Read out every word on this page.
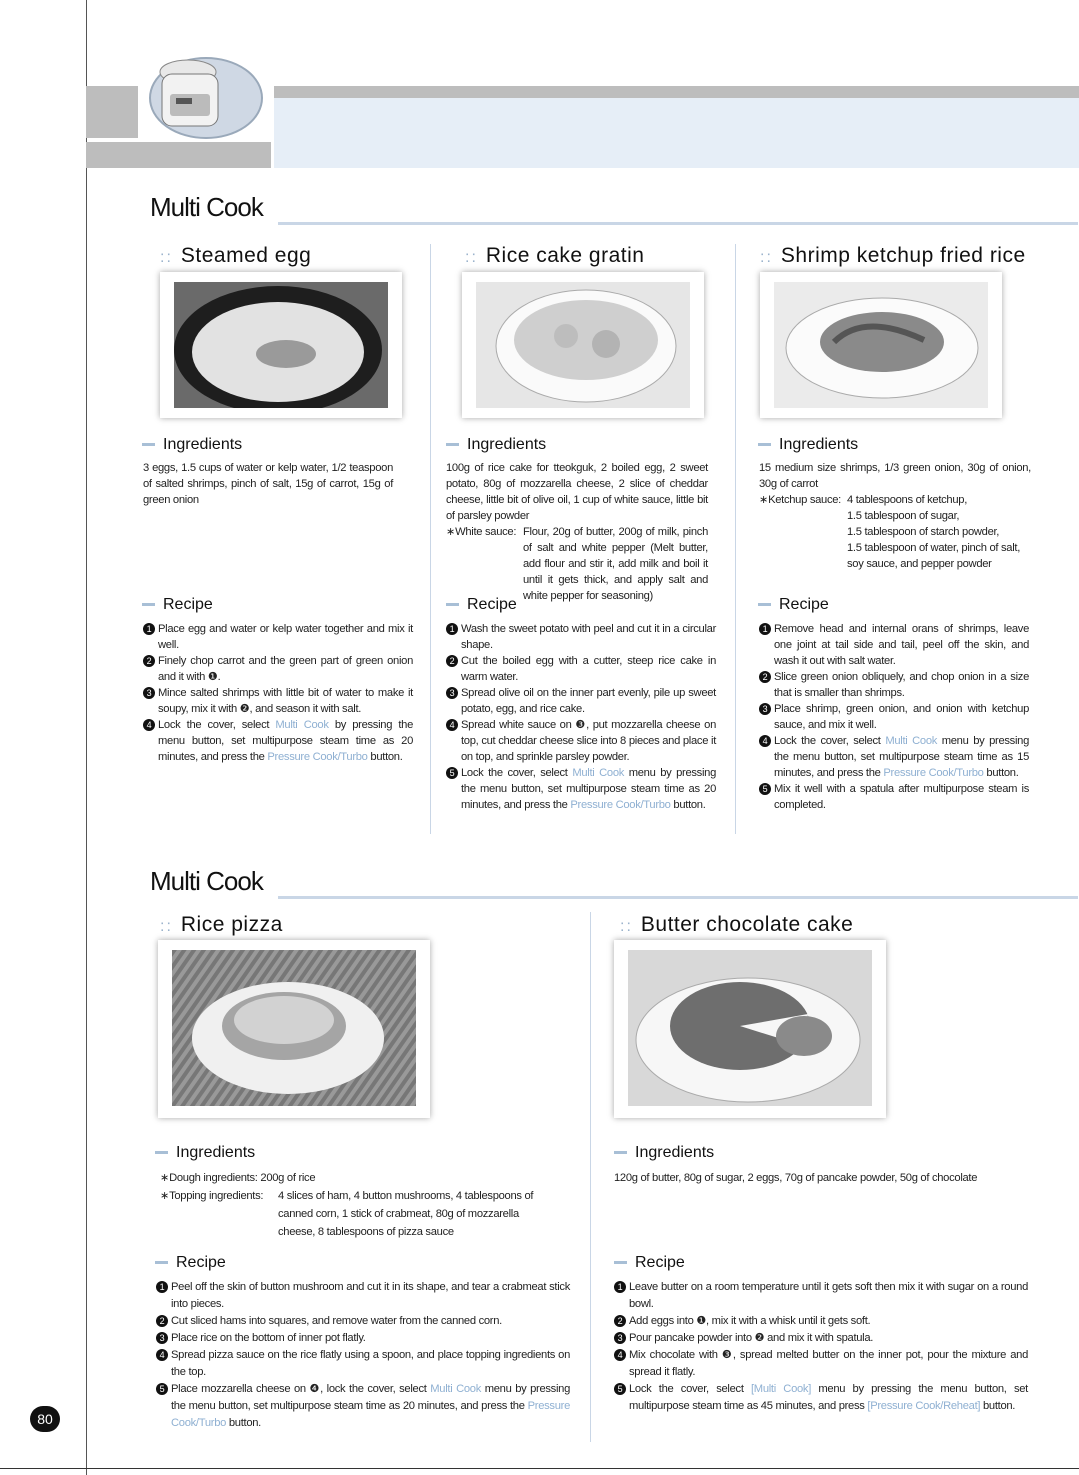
Multi Cook
:: Steamed egg
Ingredients

3 eggs, 1.5 cups of water or kelp water, 1/2 teaspoon of salted shrimps, pinch of salt, 15g of carrot, 15g of green onion

Recipe
1 Place egg and water or kelp water together and mix it well.
2 Finely chop carrot and the green part of green onion and it with ❶.
3 Mince salted shrimps with little bit of water to make it soupy, mix it with ❷, and season it with salt.
4 Lock the cover, select Multi Cook by pressing the menu button, set multipurpose steam time as 20 minutes, and press the Pressure Cook/Turbo button.
:: Rice cake gratin
Ingredients

100g of rice cake for tteokguk, 2 boiled egg, 2 sweet potato, 80g of mozzarella cheese, 2 slice of cheddar cheese, little bit of olive oil, 1 cup of white sauce, little bit of parsley powder

∗White sauce: Flour, 20g of butter, 200g of milk, pinch of salt and white pepper (Melt butter, add flour and stir it, add milk and boil it until it gets thick, and apply salt and white pepper for seasoning)
Recipe
1 Wash the sweet potato with peel and cut it in a circular shape.
2 Cut the boiled egg with a cutter, steep rice cake in warm water.
3 Spread olive oil on the inner part evenly, pile up sweet potato, egg, and rice cake.
4 Spread white sauce on ❸, put mozzarella cheese on top, cut cheddar cheese slice into 8 pieces and place it on top, and sprinkle parsley powder.
5 Lock the cover, select Multi Cook menu by pressing the menu button, set multipurpose steam time as 20 minutes, and press the Pressure Cook/Turbo button.
:: Shrimp ketchup fried rice
Ingredients

15 medium size shrimps, 1/3 green onion, 30g of onion, 30g of carrot

∗Ketchup sauce: 4 tablespoons of ketchup,
1.5 tablespoon of sugar,
1.5 tablespoon of starch powder,
1.5 tablespoon of water, pinch of salt,
soy sauce, and pepper powder
Recipe
1 Remove head and internal orans of shrimps, leave one joint at tail side and tail, peel off the skin, and wash it out with salt water.
2 Slice green onion obliquely, and chop onion in a size that is smaller than shrimps.
3 Place shrimp, green onion, and onion with ketchup sauce, and mix it well.
4 Lock the cover, select Multi Cook menu by pressing the menu button, set multipurpose steam time as 15 minutes, and press the Pressure Cook/Turbo button.
5 Mix it well with a spatula after multipurpose steam is completed.
Multi Cook
:: Rice pizza
Ingredients
∗Dough ingredients: 200g of rice
∗Topping ingredients: 4 slices of ham, 4 button mushrooms, 4 tablespoons of
canned corn, 1 stick of crabmeat, 80g of mozzarella
cheese, 8 tablespoons of pizza sauce
Recipe
1 Peel off the skin of button mushroom and cut it in its shape, and tear a crabmeat stick into pieces.
2 Cut sliced hams into squares, and remove water from the canned corn.
3 Place rice on the bottom of inner pot flatly.
4 Spread pizza sauce on the rice flatly using a spoon, and place topping ingredients on the top.
5 Place mozzarella cheese on ❹, lock the cover, select Multi Cook menu by pressing the menu button, set multipurpose steam time as 20 minutes, and press the Pressure Cook/Turbo button.
:: Butter chocolate cake
Ingredients

120g of butter, 80g of sugar, 2 eggs, 70g of pancake powder, 50g of chocolate

Recipe
1 Leave butter on a room temperature until it gets soft then mix it with sugar on a round bowl.
2 Add eggs into ❶, mix it with a whisk until it gets soft.
3 Pour pancake powder into ❷ and mix it with spatula.
4 Mix chocolate with ❸, spread melted butter on the inner pot, pour the mixture and spread it flatly.
5 Lock the cover, select [Multi Cook] menu by pressing the menu button, set multipurpose steam time as 45 minutes, and press [Pressure Cook/Reheat] button.
80
